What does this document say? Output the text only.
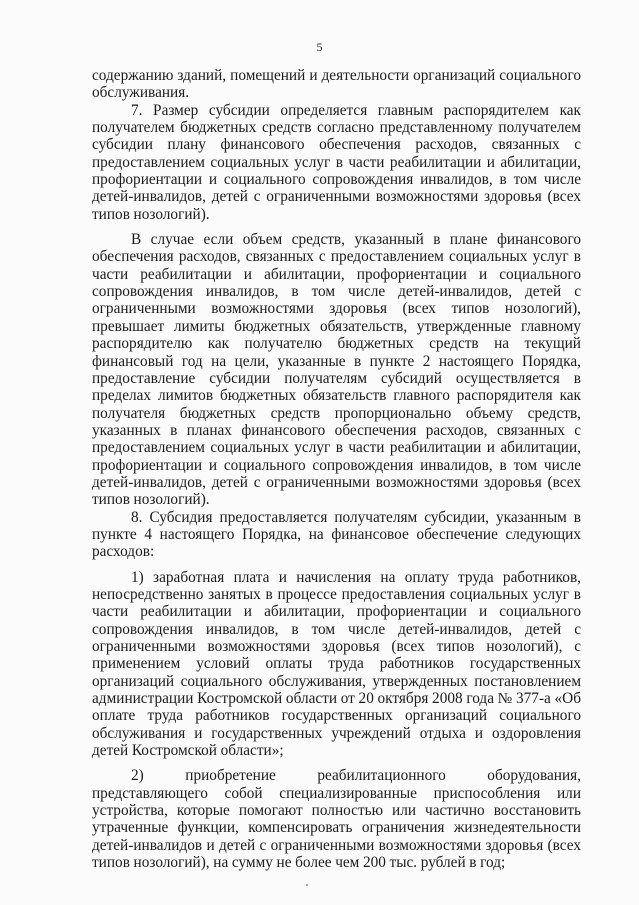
5

содержанию зданий, помещений и деятельности организаций социального обслуживания.

7. Размер субсидии определяется главным распорядителем как получателем бюджетных средств согласно представленному получателем субсидии плану финансового обеспечения расходов, связанных с предоставлением социальных услуг в части реабилитации и абилитации, профориентации и социального сопровождения инвалидов, в том числе детей-инвалидов, детей с ограниченными возможностями здоровья (всех типов нозологий).

В случае если объем средств, указанный в плане финансового обеспечения расходов, связанных с предоставлением социальных услуг в части реабилитации и абилитации, профориентации и социального сопровождения инвалидов, в том числе детей-инвалидов, детей с ограниченными возможностями здоровья (всех типов нозологий), превышает лимиты бюджетных обязательств, утвержденные главному распорядителю как получателю бюджетных средств на текущий финансовый год на цели, указанные в пункте 2 настоящего Порядка, предоставление субсидии получателям субсидий осуществляется в пределах лимитов бюджетных обязательств главного распорядителя как получателя бюджетных средств пропорционально объему средств, указанных в планах финансового обеспечения расходов, связанных с предоставлением социальных услуг в части реабилитации и абилитации, профориентации и социального сопровождения инвалидов, в том числе детей-инвалидов, детей с ограниченными возможностями здоровья (всех типов нозологий).

8. Субсидия предоставляется получателям субсидии, указанным в пункте 4 настоящего Порядка, на финансовое обеспечение следующих расходов:

1) заработная плата и начисления на оплату труда работников, непосредственно занятых в процессе предоставления социальных услуг в части реабилитации и абилитации, профориентации и социального сопровождения инвалидов, в том числе детей-инвалидов, детей с ограниченными возможностями здоровья (всех типов нозологий), с применением условий оплаты труда работников государственных организаций социального обслуживания, утвержденных постановлением администрации Костромской области от 20 октября 2008 года № 377-а «Об оплате труда работников государственных организаций социального обслуживания и государственных учреждений отдыха и оздоровления детей Костромской области»;

2) приобретение реабилитационного оборудования, представляющего собой специализированные приспособления или устройства, которые помогают полностью или частично восстановить утраченные функции, компенсировать ограничения жизнедеятельности детей-инвалидов и детей с ограниченными возможностями здоровья (всех типов нозологий), на сумму не более чем 200 тыс. рублей в год;
